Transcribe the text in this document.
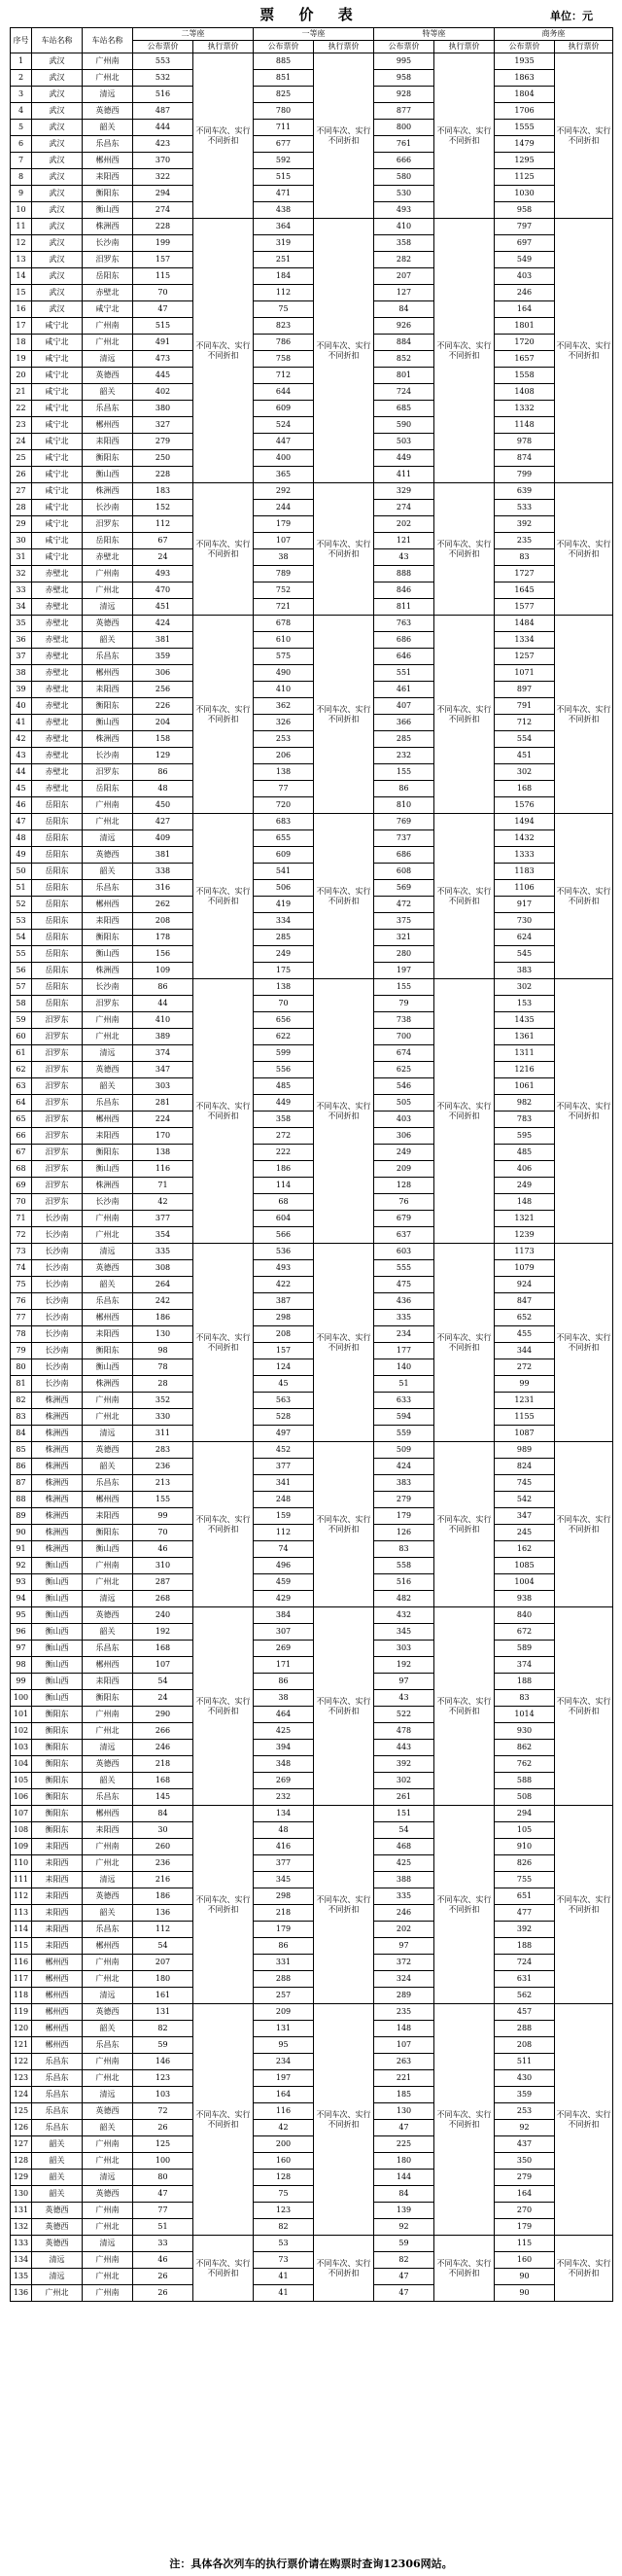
票 价 表	单位：元
序号	车站名称	车站名称	二等座		一等座		特等座		商务座	
			公布票价	执行票价	公布票价	执行票价	公布票价	执行票价	公布票价	执行票价
1	武汉	广州南	553	不同车次、实行不同折扣	885	不同车次、实行不同折扣	995	不同车次、实行不同折扣	1935	不同车次、实行不同折扣
2	武汉	广州北	532		851		958		1863	
3	武汉	清远	516		825		928		1804	
4	武汉	英德西	487		780		877		1706	
5	武汉	韶关	444		711		800		1555	
6	武汉	乐昌东	423		677		761		1479	
7	武汉	郴州西	370		592		666		1295	
8	武汉	耒阳西	322		515		580		1125	
9	武汉	衡阳东	294		471		530		1030	
10	武汉	衡山西	274		438		493		958	
11	武汉	株洲西	228	不同车次、实行不同折扣	364	不同车次、实行不同折扣	410	不同车次、实行不同折扣	797	不同车次、实行不同折扣
12	武汉	长沙南	199		319		358		697	
13	武汉	汨罗东	157		251		282		549	
14	武汉	岳阳东	115		184		207		403	
15	武汉	赤壁北	70		112		127		246	
16	武汉	咸宁北	47		75		84		164	
17	咸宁北	广州南	515		823		926		1801	
18	咸宁北	广州北	491		786		884		1720	
19	咸宁北	清远	473		758		852		1657	
20	咸宁北	英德西	445		712		801		1558	
21	咸宁北	韶关	402		644		724		1408	
22	咸宁北	乐昌东	380		609		685		1332	
23	咸宁北	郴州西	327		524		590		1148	
24	咸宁北	耒阳西	279		447		503		978	
25	咸宁北	衡阳东	250		400		449		874	
26	咸宁北	衡山西	228		365		411		799	
27	咸宁北	株洲西	183	不同车次、实行不同折扣	292	不同车次、实行不同折扣	329	不同车次、实行不同折扣	639	不同车次、实行不同折扣
28	咸宁北	长沙南	152		244		274		533	
29	咸宁北	汨罗东	112		179		202		392	
30	咸宁北	岳阳东	67		107		121		235	
31	咸宁北	赤壁北	24		38		43		83	
32	赤壁北	广州南	493		789		888		1727	
33	赤壁北	广州北	470		752		846		1645	
34	赤壁北	清远	451		721		811		1577	
35	赤壁北	英德西	424	不同车次、实行不同折扣	678	不同车次、实行不同折扣	763	不同车次、实行不同折扣	1484	不同车次、实行不同折扣
36	赤壁北	韶关	381		610		686		1334	
37	赤壁北	乐昌东	359		575		646		1257	
38	赤壁北	郴州西	306		490		551		1071	
39	赤壁北	耒阳西	256		410		461		897	
40	赤壁北	衡阳东	226		362		407		791	
41	赤壁北	衡山西	204		326		366		712	
42	赤壁北	株洲西	158		253		285		554	
43	赤壁北	长沙南	129		206		232		451	
44	赤壁北	汨罗东	86		138		155		302	
45	赤壁北	岳阳东	48		77		86		168	
46	岳阳东	广州南	450		720		810		1576	
47	岳阳东	广州北	427	不同车次、实行不同折扣	683	不同车次、实行不同折扣	769	不同车次、实行不同折扣	1494	不同车次、实行不同折扣
48	岳阳东	清远	409		655		737		1432	
49	岳阳东	英德西	381		609		686		1333	
50	岳阳东	韶关	338		541		608		1183	
51	岳阳东	乐昌东	316		506		569		1106	
52	岳阳东	郴州西	262		419		472		917	
53	岳阳东	耒阳西	208		334		375		730	
54	岳阳东	衡阳东	178		285		321		624	
55	岳阳东	衡山西	156		249		280		545	
56	岳阳东	株洲西	109		175		197		383	
57	岳阳东	长沙南	86	不同车次、实行不同折扣	138	不同车次、实行不同折扣	155	不同车次、实行不同折扣	302	不同车次、实行不同折扣
58	岳阳东	汨罗东	44		70		79		153	
59	汨罗东	广州南	410		656		738		1435	
60	汨罗东	广州北	389		622		700		1361	
61	汨罗东	清远	374		599		674		1311	
62	汨罗东	英德西	347		556		625		1216	
63	汨罗东	韶关	303		485		546		1061	
64	汨罗东	乐昌东	281		449		505		982	
65	汨罗东	郴州西	224		358		403		783	
66	汨罗东	耒阳西	170		272		306		595	
67	汨罗东	衡阳东	138		222		249		485	
68	汨罗东	衡山西	116		186		209		406	
69	汨罗东	株洲西	71		114		128		249	
70	汨罗东	长沙南	42		68		76		148	
71	长沙南	广州南	377		604		679		1321	
72	长沙南	广州北	354		566		637		1239	
73	长沙南	清远	335	不同车次、实行不同折扣	536	不同车次、实行不同折扣	603	不同车次、实行不同折扣	1173	不同车次、实行不同折扣
74	长沙南	英德西	308		493		555		1079	
75	长沙南	韶关	264		422		475		924	
76	长沙南	乐昌东	242		387		436		847	
77	长沙南	郴州西	186		298		335		652	
78	长沙南	耒阳西	130		208		234		455	
79	长沙南	衡阳东	98		157		177		344	
80	长沙南	衡山西	78		124		140		272	
81	长沙南	株洲西	28		45		51		99	
82	株洲西	广州南	352		563		633		1231	
83	株洲西	广州北	330		528		594		1155	
84	株洲西	清远	311		497		559		1087	
85	株洲西	英德西	283	不同车次、实行不同折扣	452	不同车次、实行不同折扣	509	不同车次、实行不同折扣	989	不同车次、实行不同折扣
86	株洲西	韶关	236		377		424		824	
87	株洲西	乐昌东	213		341		383		745	
88	株洲西	郴州西	155		248		279		542	
89	株洲西	耒阳西	99		159		179		347	
90	株洲西	衡阳东	70		112		126		245	
91	株洲西	衡山西	46		74		83		162	
92	衡山西	广州南	310		496		558		1085	
93	衡山西	广州北	287		459		516		1004	
94	衡山西	清远	268		429		482		938	
95	衡山西	英德西	240	不同车次、实行不同折扣	384	不同车次、实行不同折扣	432	不同车次、实行不同折扣	840	不同车次、实行不同折扣
96	衡山西	韶关	192		307		345		672	
97	衡山西	乐昌东	168		269		303		589	
98	衡山西	郴州西	107		171		192		374	
99	衡山西	耒阳西	54		86		97		188	
100	衡山西	衡阳东	24		38		43		83	
101	衡阳东	广州南	290		464		522		1014	
102	衡阳东	广州北	266		425		478		930	
103	衡阳东	清远	246		394		443		862	
104	衡阳东	英德西	218		348		392		762	
105	衡阳东	韶关	168		269		302		588	
106	衡阳东	乐昌东	145		232		261		508	
107	衡阳东	郴州西	84	不同车次、实行不同折扣	134	不同车次、实行不同折扣	151	不同车次、实行不同折扣	294	不同车次、实行不同折扣
108	衡阳东	耒阳西	30		48		54		105	
109	耒阳西	广州南	260		416		468		910	
110	耒阳西	广州北	236		377		425		826	
111	耒阳西	清远	216		345		388		755	
112	耒阳西	英德西	186		298		335		651	
113	耒阳西	韶关	136		218		246		477	
114	耒阳西	乐昌东	112		179		202		392	
115	耒阳西	郴州西	54		86		97		188	
116	郴州西	广州南	207		331		372		724	
117	郴州西	广州北	180		288		324		631	
118	郴州西	清远	161		257		289		562	
119	郴州西	英德西	131	不同车次、实行不同折扣	209	不同车次、实行不同折扣	235	不同车次、实行不同折扣	457	不同车次、实行不同折扣
120	郴州西	韶关	82		131		148		288	
121	郴州西	乐昌东	59		95		107		208	
122	乐昌东	广州南	146		234		263		511	
123	乐昌东	广州北	123		197		221		430	
124	乐昌东	清远	103		164		185		359	
125	乐昌东	英德西	72		116		130		253	
126	乐昌东	韶关	26		42		47		92	
127	韶关	广州南	125		200		225		437	
128	韶关	广州北	100		160		180		350	
129	韶关	清远	80		128		144		279	
130	韶关	英德西	47		75		84		164	
131	英德西	广州南	77		123		139		270	
132	英德西	广州北	51		82		92		179	
133	英德西	清远	33	不同车次、实行不同折扣	53	不同车次、实行不同折扣	59	不同车次、实行不同折扣	115	不同车次、实行不同折扣
134	清远	广州南	46		73		82		160	
135	清远	广州北	26		41		47		90	
136	广州北	广州南	26		41		47		90	
注：具体各次列车的执行票价请在购票时查询12306网站。
